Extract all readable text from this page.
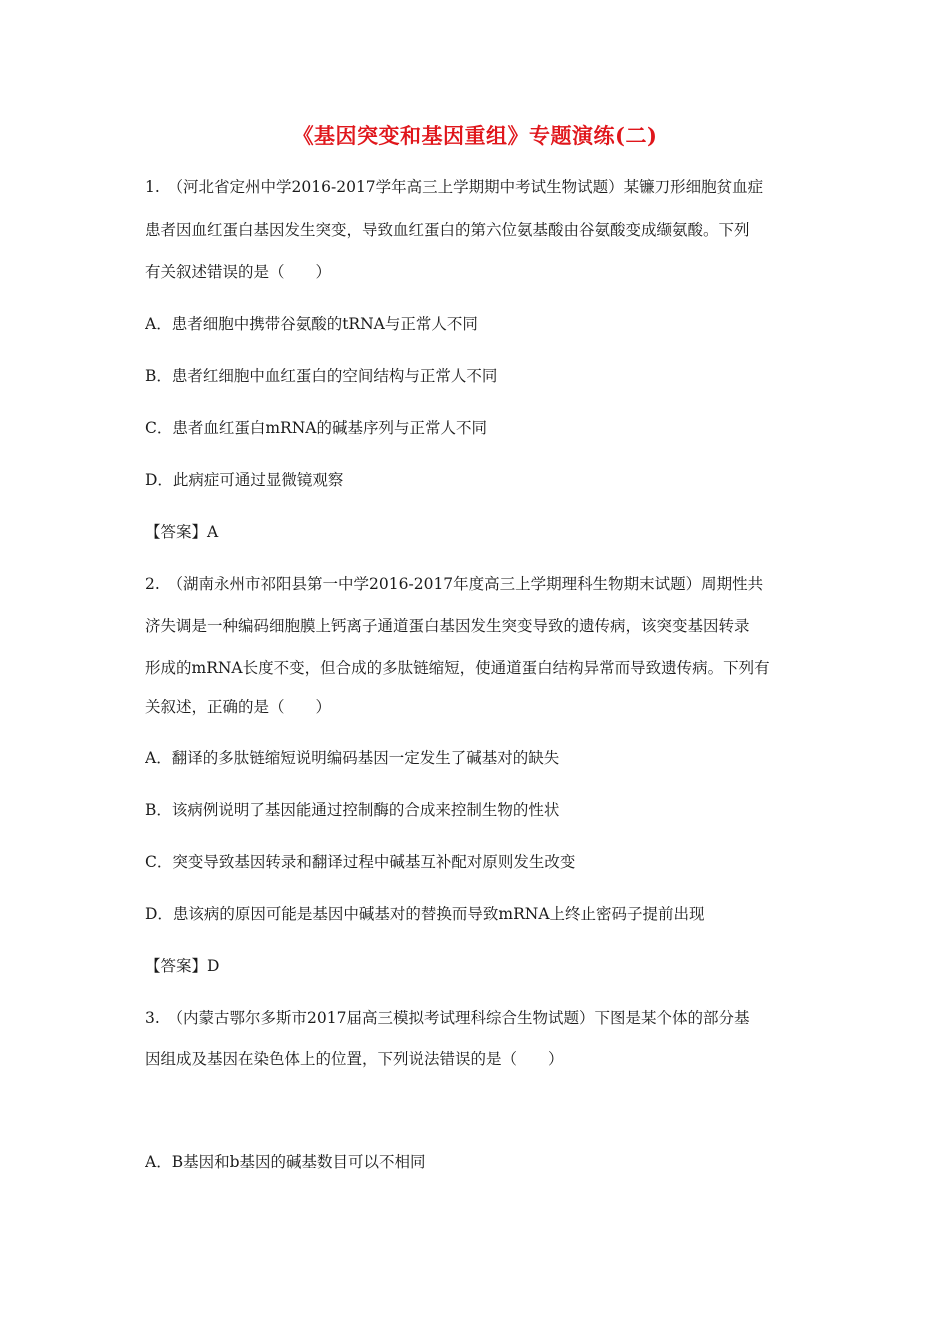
《基因突变和基因重组》专题演练(二)
1.　（河北省定州中学2016-2017学年高三上学期期中考试生物试题）某镰刀形细胞贫血症
患者因血红蛋白基因发生突变，导致血红蛋白的第六位氨基酸由谷氨酸变成缬氨酸。下列
有关叙述错误的是（　　）
A．患者细胞中携带谷氨酸的tRNA与正常人不同
B．患者红细胞中血红蛋白的空间结构与正常人不同
C．患者血红蛋白mRNA的碱基序列与正常人不同
D．此病症可通过显微镜观察
【答案】A
2.　（湖南永州市祁阳县第一中学2016-2017年度高三上学期理科生物期末试题）周期性共
济失调是一种编码细胞膜上钙离子通道蛋白基因发生突变导致的遗传病，该突变基因转录
形成的mRNA长度不变，但合成的多肽链缩短，使通道蛋白结构异常而导致遗传病。下列有
关叙述，正确的是（　　）
A．翻译的多肽链缩短说明编码基因一定发生了碱基对的缺失
B．该病例说明了基因能通过控制酶的合成来控制生物的性状
C．突变导致基因转录和翻译过程中碱基互补配对原则发生改变
D．患该病的原因可能是基因中碱基对的替换而导致mRNA上终止密码子提前出现
【答案】D
3.　（内蒙古鄂尔多斯市2017届高三模拟考试理科综合生物试题）下图是某个体的部分基
因组成及基因在染色体上的位置，下列说法错误的是（　　）
A．B基因和b基因的碱基数目可以不相同
